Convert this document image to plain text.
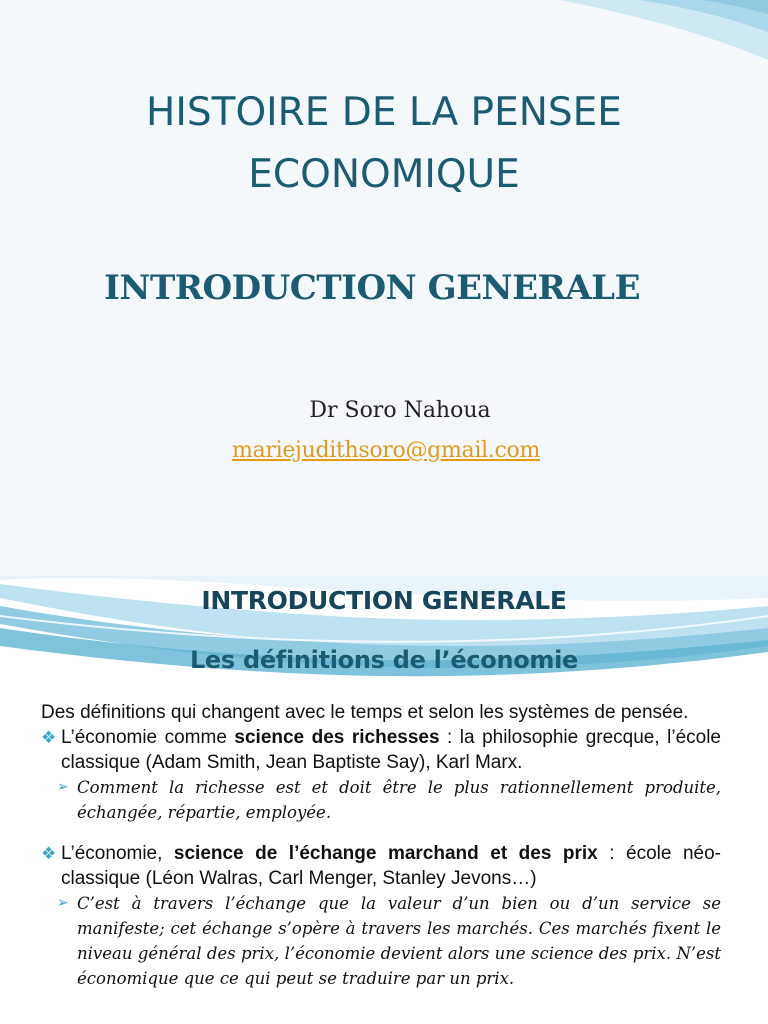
HISTOIRE DE LA PENSEE
ECONOMIQUE
INTRODUCTION GENERALE
Dr Soro Nahoua
mariejudithsoro@gmail.com
INTRODUCTION GENERALE
Les définitions de l’économie

Des définitions qui changent avec le temps et selon les systèmes de pensée.

❖ L’économie comme science des richesses : la philosophie grecque, l’école classique (Adam Smith, Jean Baptiste Say), Karl Marx.

➢ Comment la richesse est et doit être le plus rationnellement produite, échangée, répartie, employée.

❖ L’économie, science de l’échange marchand et des prix : école néo-classique (Léon Walras, Carl Menger, Stanley Jevons…)

➢ C’est à travers l’échange que la valeur d’un bien ou d’un service se manifeste; cet échange s’opère à travers les marchés. Ces marchés fixent le niveau général des prix, l’économie devient alors une science des prix. N’est économique que ce qui peut se traduire par un prix.
